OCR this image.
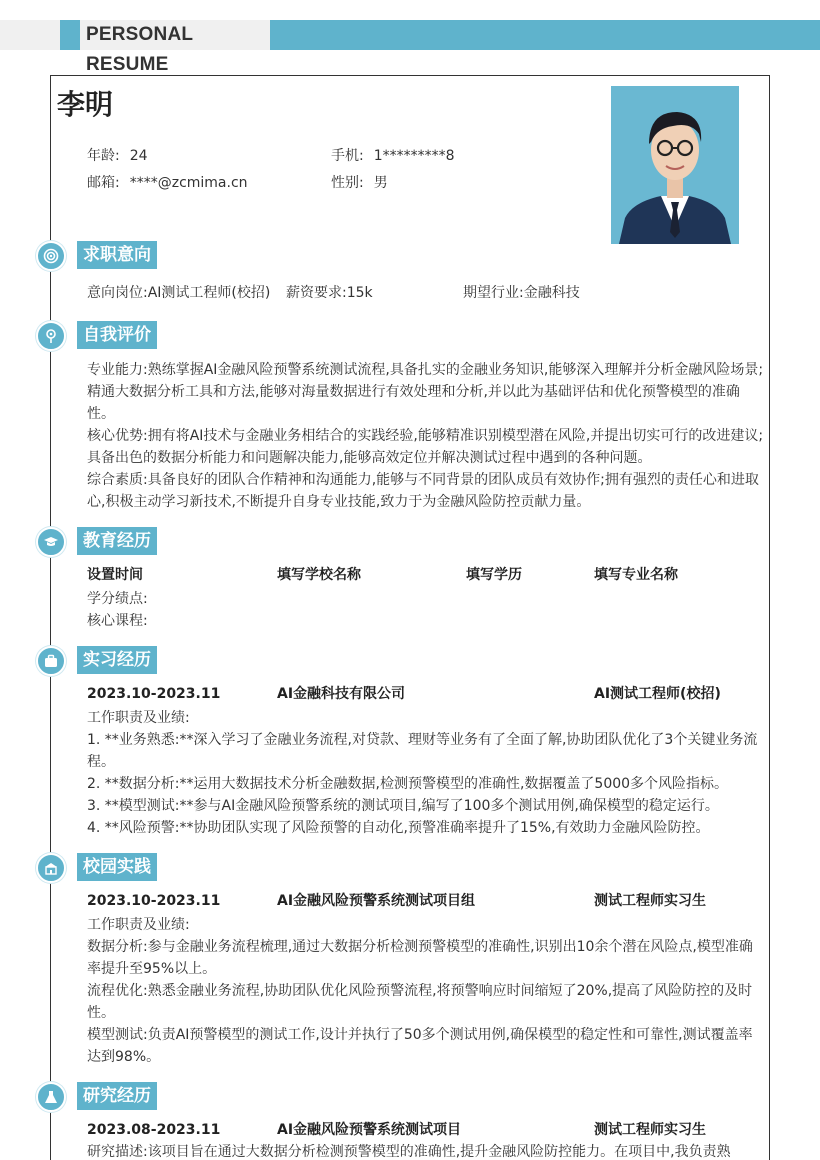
PERSONAL RESUME
李明
年龄: 24	手机: 1*********8
邮箱: ****@zcmima.cn	性别: 男
求职意向
意向岗位:AI测试工程师(校招) 薪资要求:15k	期望行业:金融科技
自我评价
专业能力:熟练掌握AI金融风险预警系统测试流程,具备扎实的金融业务知识,能够深入理解并分析金融风险场景;精通大数据分析工具和方法,能够对海量数据进行有效处理和分析,并以此为基础评估和优化预警模型的准确性。
核心优势:拥有将AI技术与金融业务相结合的实践经验,能够精准识别模型潜在风险,并提出切实可行的改进建议;具备出色的数据分析能力和问题解决能力,能够高效定位并解决测试过程中遇到的各种问题。
综合素质:具备良好的团队合作精神和沟通能力,能够与不同背景的团队成员有效协作;拥有强烈的责任心和进取心,积极主动学习新技术,不断提升自身专业技能,致力于为金融风险防控贡献力量。
教育经历
设置时间	填写学校名称	填写学历	填写专业名称
学分绩点:
核心课程:
实习经历
2023.10-2023.11	AI金融科技有限公司	AI测试工程师(校招)
工作职责及业绩:
1. **业务熟悉:**深入学习了金融业务流程,对贷款、理财等业务有了全面了解,协助团队优化了3个关键业务流程。
2. **数据分析:**运用大数据技术分析金融数据,检测预警模型的准确性,数据覆盖了5000多个风险指标。
3. **模型测试:**参与AI金融风险预警系统的测试项目,编写了100多个测试用例,确保模型的稳定运行。
4. **风险预警:**协助团队实现了风险预警的自动化,预警准确率提升了15%,有效助力金融风险防控。
校园实践
2023.10-2023.11	AI金融风险预警系统测试项目组	测试工程师实习生
工作职责及业绩:
数据分析:参与金融业务流程梳理,通过大数据分析检测预警模型的准确性,识别出10余个潜在风险点,模型准确率提升至95%以上。
流程优化:熟悉金融业务流程,协助团队优化风险预警流程,将预警响应时间缩短了20%,提高了风险防控的及时性。
模型测试:负责AI预警模型的测试工作,设计并执行了50多个测试用例,确保模型的稳定性和可靠性,测试覆盖率达到98%。
研究经历
2023.08-2023.11	AI金融风险预警系统测试项目	测试工程师实习生
研究描述:该项目旨在通过大数据分析检测预警模型的准确性,提升金融风险防控能力。在项目中,我负责熟
